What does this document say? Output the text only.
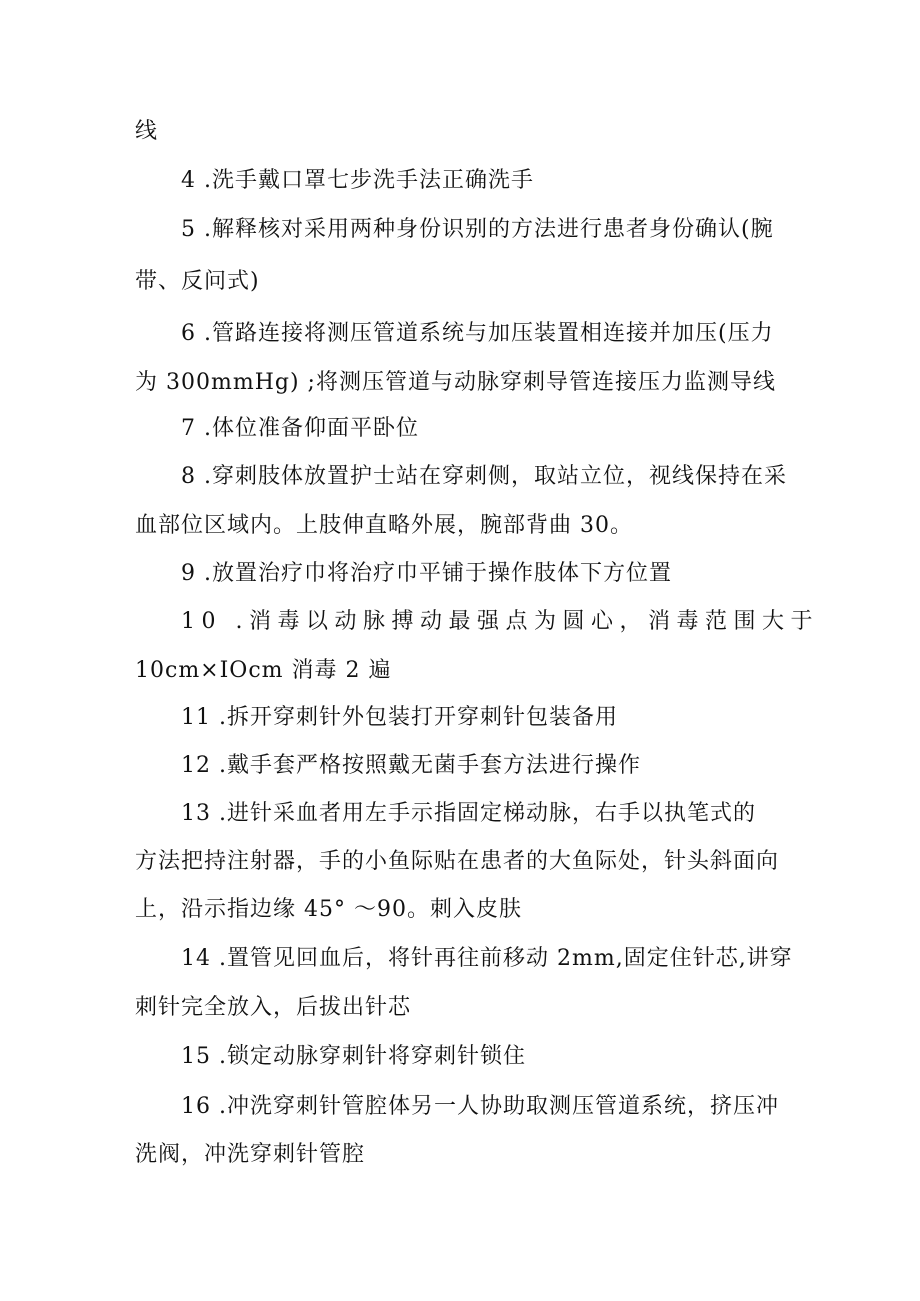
线
4 .洗手戴口罩七步洗手法正确洗手
5 .解释核对采用两种身份识别的方法进行患者身份确认(腕
带、反问式)
6 .管路连接将测压管道系统与加压装置相连接并加压(压力
为 300mmHg) ;将测压管道与动脉穿刺导管连接压力监测导线
7 .体位准备仰面平卧位
8 .穿刺肢体放置护士站在穿刺侧，取站立位，视线保持在采
血部位区域内。上肢伸直略外展，腕部背曲 30。
9 .放置治疗巾将治疗巾平铺于操作肢体下方位置
10 .消毒以动脉搏动最强点为圆心，消毒范围大于
10cm×IOcm 消毒 2 遍
11 .拆开穿刺针外包装打开穿刺针包装备用
12 .戴手套严格按照戴无菌手套方法进行操作
13 .进针采血者用左手示指固定梯动脉，右手以执笔式的
方法把持注射器，手的小鱼际贴在患者的大鱼际处，针头斜面向
上，沿示指边缘 45° ～90。刺入皮肤
14 .置管见回血后，将针再往前移动 2mm,固定住针芯,讲穿
刺针完全放入，后拔出针芯
15 .锁定动脉穿刺针将穿刺针锁住
16 .冲洗穿刺针管腔体另一人协助取测压管道系统，挤压冲
洗阀，冲洗穿刺针管腔
